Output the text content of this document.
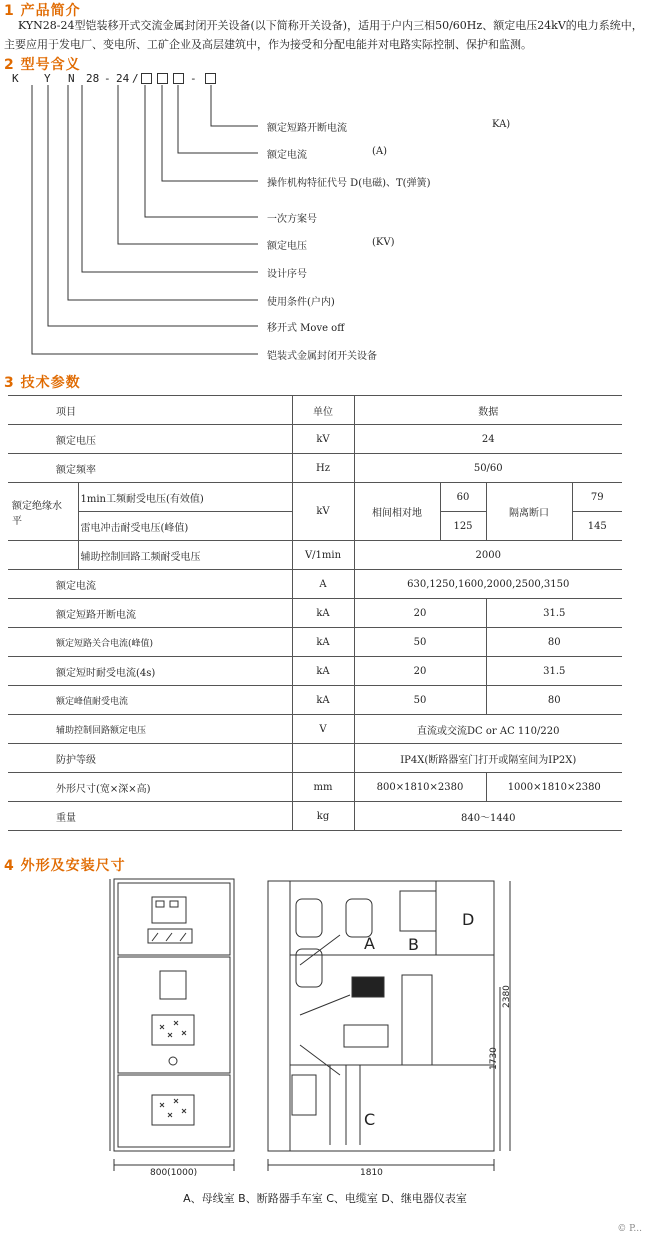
1 产品简介
KYN28-24型铠装移开式交流金属封闭开关设备(以下简称开关设备)，适用于户内三相50/60Hz、额定电压24kV的电力系统中，主要应用于发电厂、变电所、工矿企业及高层建筑中，作为接受和分配电能并对电路实际控制、保护和监测。
2 型号含义
K Y N 28 - 24 /	-
额定短路开断电流	KA)
额定电流	(A)
操作机构特征代号 D(电磁)、T(弹簧)
一次方案号
额定电压	(KV)
设计序号
使用条件(户内)
移开式 Move off
铠装式金属封闭开关设备
3 技术参数
项目		单位	数据			
额定电压		kV	24			
额定频率		Hz	50/60			
额定绝缘水平	1min工频耐受电压(有效值)	kV	相间相对地	60	隔离断口	79
	雷电冲击耐受电压(峰值)			125		145
	辅助控制回路工频耐受电压	V/1min	2000			
额定电流		A	630,1250,1600,2000,2500,3150			
额定短路开断电流		kA	20		31.5	
额定短路关合电流(峰值)		kA	50		80	
额定短时耐受电流(4s)		kA	20		31.5	
额定峰值耐受电流		kA	50		80	
辅助控制回路额定电压		V	直流或交流DC or AC 110/220			
防护等级			IP4X(断路器室门打开或隔室间为IP2X)			
外形尺寸(宽×深×高)		mm	800×1810×2380		1000×1810×2380	
重量		kg	840～1440			
4 外形及安装尺寸
800(1000)
A B
C
D
1810
2380
1730
A、母线室 B、断路器手车室 C、电缆室 D、继电器仪表室
© P...
